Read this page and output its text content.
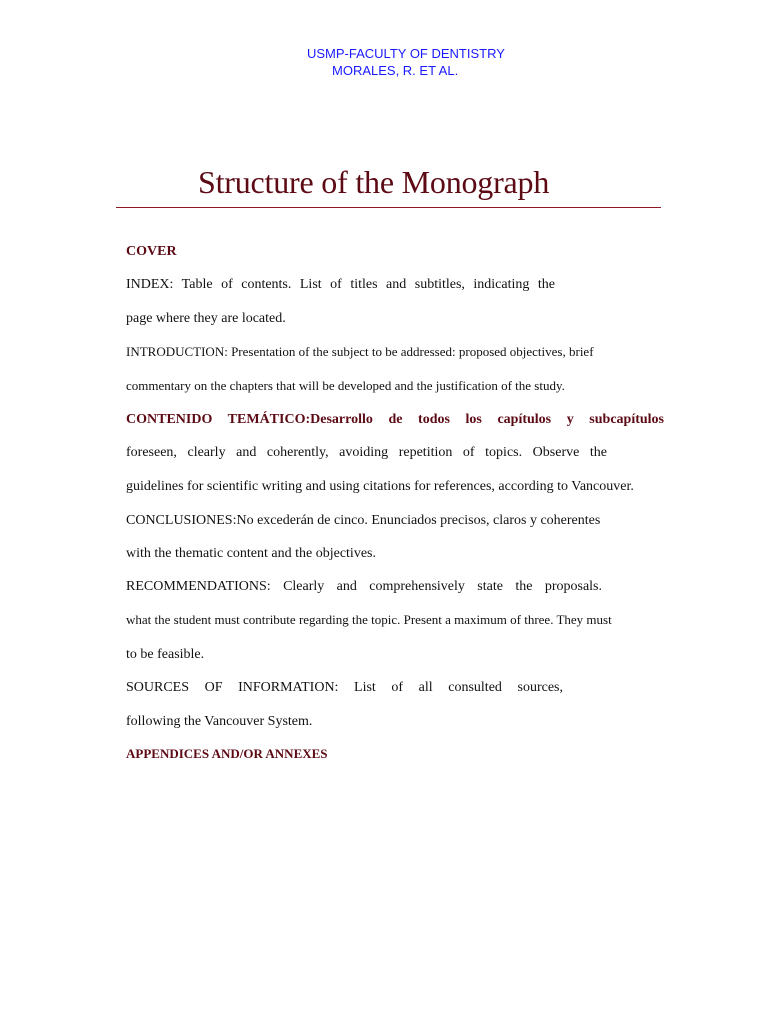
USMP-FACULTY OF DENTISTRY
MORALES, R. ET AL.
Structure of the Monograph
COVER
INDEX: Table of contents. List of titles and subtitles, indicating the
page where they are located.
INTRODUCTION: Presentation of the subject to be addressed: proposed objectives, brief
commentary on the chapters that will be developed and the justification of the study.
CONTENIDO TEMÁTICO:Desarrollo de todos los capítulos y subcapítulos
foreseen, clearly and coherently, avoiding repetition of topics. Observe the
guidelines for scientific writing and using citations for references, according to Vancouver.
CONCLUSIONES:No excederán de cinco. Enunciados precisos, claros y coherentes
with the thematic content and the objectives.
RECOMMENDATIONS: Clearly and comprehensively state the proposals.
what the student must contribute regarding the topic. Present a maximum of three. They must
to be feasible.
SOURCES OF INFORMATION: List of all consulted sources,
following the Vancouver System.
APPENDICES AND/OR ANNEXES
